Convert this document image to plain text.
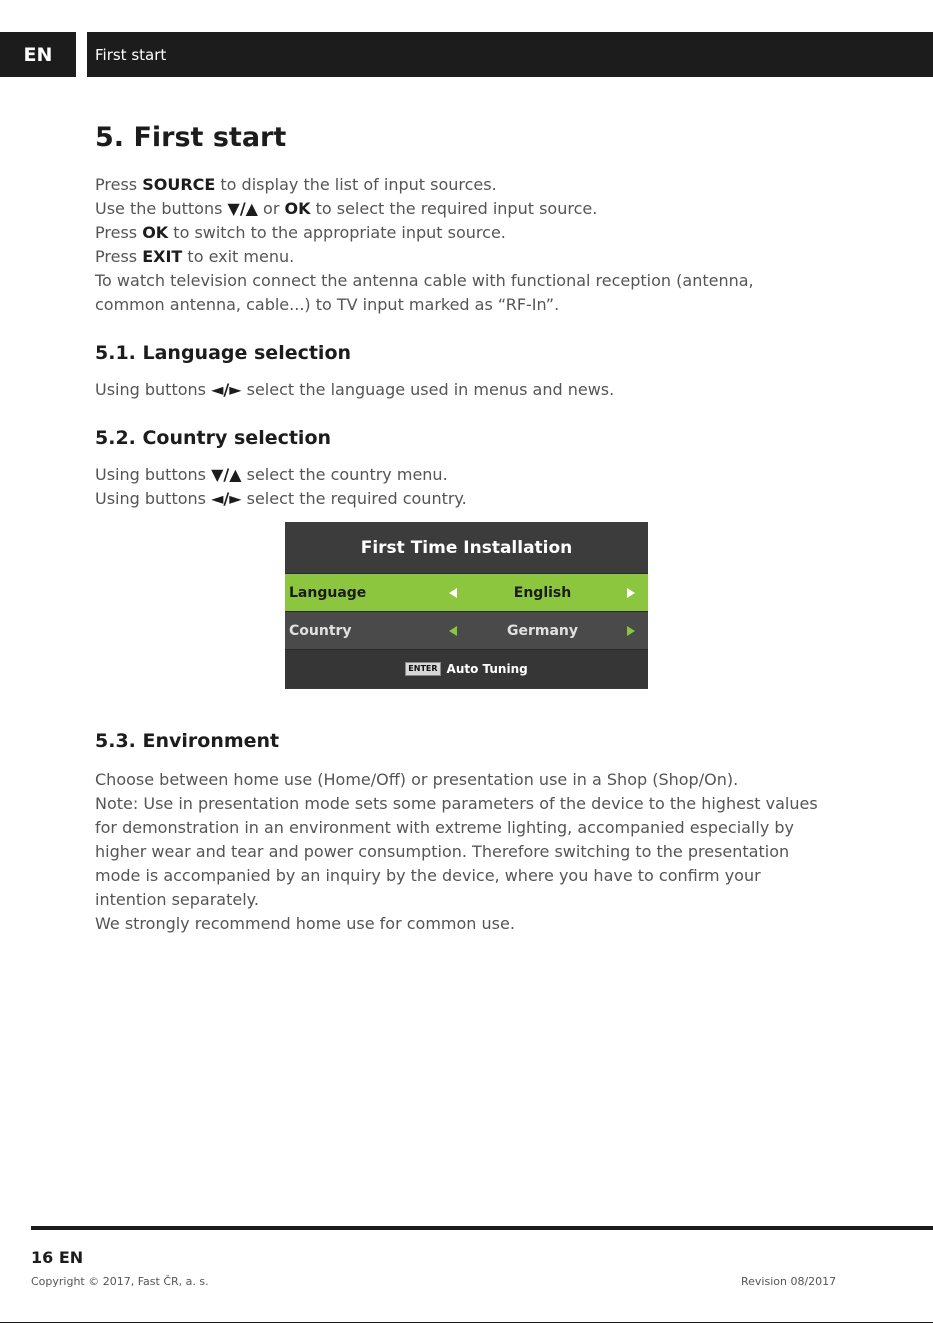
EN	First start
5. First start
Press SOURCE to display the list of input sources.
Use the buttons ▼/▲ or OK to select the required input source.
Press OK to switch to the appropriate input source.
Press EXIT to exit menu.
To watch television connect the antenna cable with functional reception (antenna,
common antenna, cable...) to TV input marked as “RF-In”.
5.1. Language selection
Using buttons ◄/► select the language used in menus and news.
5.2. Country selection
Using buttons ▼/▲ select the country menu.
Using buttons ◄/► select the required country.
First Time Installation
Language	English
Country	Germany
ENTER Auto Tuning
5.3. Environment
Choose between home use (Home/Off) or presentation use in a Shop (Shop/On).
Note: Use in presentation mode sets some parameters of the device to the highest values
for demonstration in an environment with extreme lighting, accompanied especially by
higher wear and tear and power consumption. Therefore switching to the presentation
mode is accompanied by an inquiry by the device, where you have to confirm your
intention separately.
We strongly recommend home use for common use.
16 EN
Copyright © 2017, Fast ČR, a. s.	Revision 08/2017
